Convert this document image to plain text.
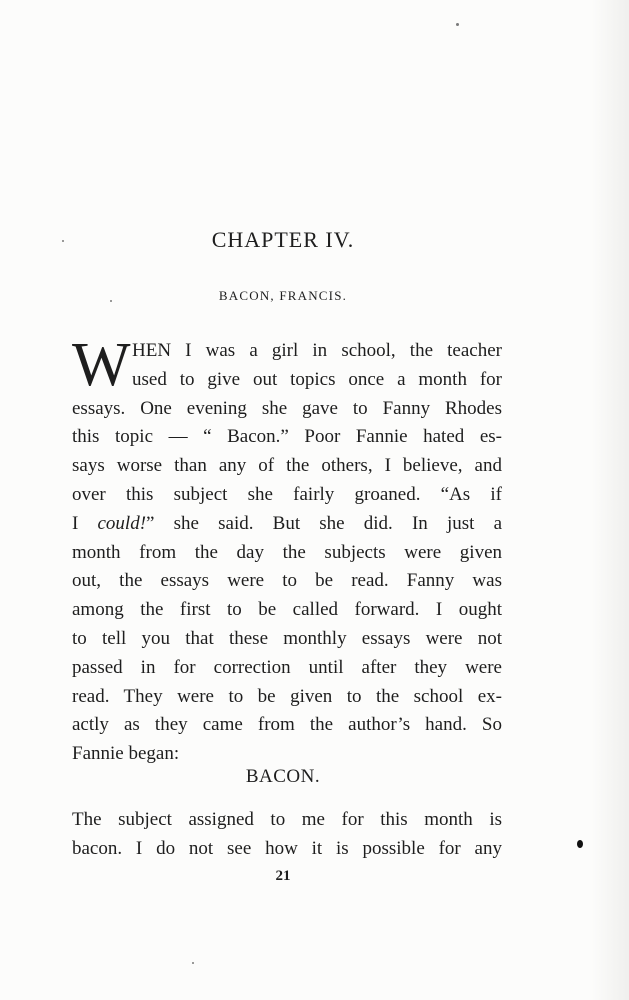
CHAPTER IV.
BACON, FRANCIS.
W HEN I was a girl in school, the teacher
used to give out topics once a month for
essays. One evening she gave to Fanny Rhodes
this topic — “ Bacon.” Poor Fannie hated es-
says worse than any of the others, I believe, and
over this subject she fairly groaned. “As if
I could!” she said. But she did. In just a
month from the day the subjects were given
out, the essays were to be read. Fanny was
among the first to be called forward. I ought
to tell you that these monthly essays were not
passed in for correction until after they were
read. They were to be given to the school ex-
actly as they came from the author’s hand. So
Fannie began:
BACON.
The subject assigned to me for this month is
bacon. I do not see how it is possible for any
21
